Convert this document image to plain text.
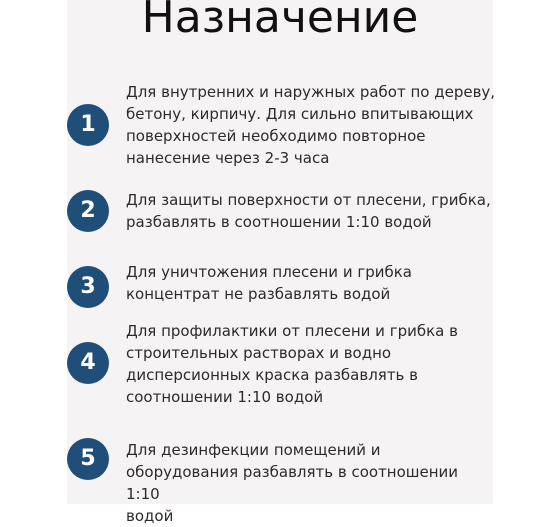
Назначение
1
Для внутренних и наружных работ по дереву,
бетону, кирпичу. Для сильно впитывающих
поверхностей необходимо повторное
нанесение через 2-3 часа
2	Для защиты поверхности от плесени, грибка,
разбавлять в соотношении 1:10 водой
3
Для уничтожения плесени и грибка
концентрат не разбавлять водой
4
Для профилактики от плесени и грибка в
строительных растворах и водно
дисперсионных краска разбавлять в
соотношении 1:10 водой
5	Для дезинфекции помещений и
оборудования разбавлять в соотношении 1:10
водой
